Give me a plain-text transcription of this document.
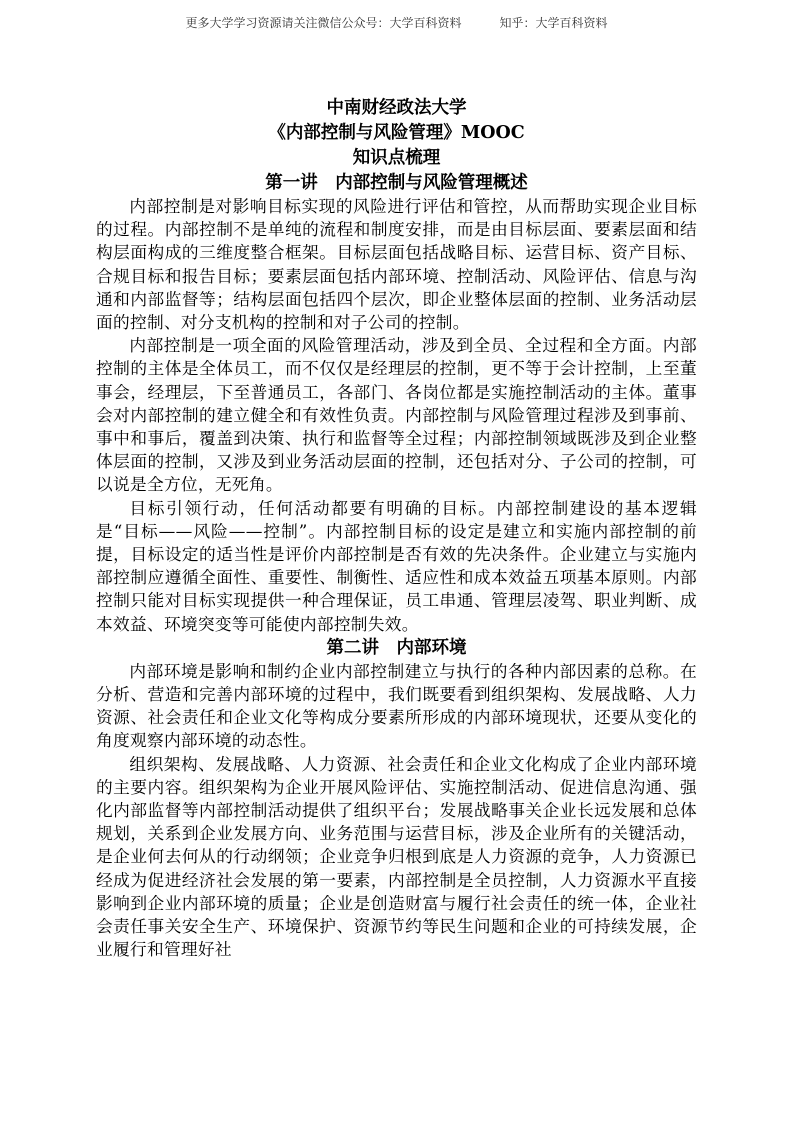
更多大学学习资源请关注微信公众号：大学百科资料	知乎：大学百科资料

中南财经政法大学

《内部控制与风险管理》MOOC

知识点梳理

第一讲　内部控制与风险管理概述

内部控制是对影响目标实现的风险进行评估和管控，从而帮助实现企业目标的过程。内部控制不是单纯的流程和制度安排，而是由目标层面、要素层面和结构层面构成的三维度整合框架。目标层面包括战略目标、运营目标、资产目标、合规目标和报告目标；要素层面包括内部环境、控制活动、风险评估、信息与沟通和内部监督等；结构层面包括四个层次，即企业整体层面的控制、业务活动层面的控制、对分支机构的控制和对子公司的控制。

内部控制是一项全面的风险管理活动，涉及到全员、全过程和全方面。内部控制的主体是全体员工，而不仅仅是经理层的控制，更不等于会计控制，上至董事会，经理层，下至普通员工，各部门、各岗位都是实施控制活动的主体。董事会对内部控制的建立健全和有效性负责。内部控制与风险管理过程涉及到事前、事中和事后，覆盖到决策、执行和监督等全过程；内部控制领域既涉及到企业整体层面的控制，又涉及到业务活动层面的控制，还包括对分、子公司的控制，可以说是全方位，无死角。

目标引领行动，任何活动都要有明确的目标。内部控制建设的基本逻辑是“目标——风险——控制”。内部控制目标的设定是建立和实施内部控制的前提，目标设定的适当性是评价内部控制是否有效的先决条件。企业建立与实施内部控制应遵循全面性、重要性、制衡性、适应性和成本效益五项基本原则。内部控制只能对目标实现提供一种合理保证，员工串通、管理层凌驾、职业判断、成本效益、环境突变等可能使内部控制失效。

第二讲　内部环境

内部环境是影响和制约企业内部控制建立与执行的各种内部因素的总称。在分析、营造和完善内部环境的过程中，我们既要看到组织架构、发展战略、人力资源、社会责任和企业文化等构成分要素所形成的内部环境现状，还要从变化的角度观察内部环境的动态性。

组织架构、发展战略、人力资源、社会责任和企业文化构成了企业内部环境的主要内容。组织架构为企业开展风险评估、实施控制活动、促进信息沟通、强化内部监督等内部控制活动提供了组织平台；发展战略事关企业长远发展和总体规划，关系到企业发展方向、业务范围与运营目标，涉及企业所有的关键活动，是企业何去何从的行动纲领；企业竞争归根到底是人力资源的竞争，人力资源已经成为促进经济社会发展的第一要素，内部控制是全员控制，人力资源水平直接影响到企业内部环境的质量；企业是创造财富与履行社会责任的统一体，企业社会责任事关安全生产、环境保护、资源节约等民生问题和企业的可持续发展，企业履行和管理好社
